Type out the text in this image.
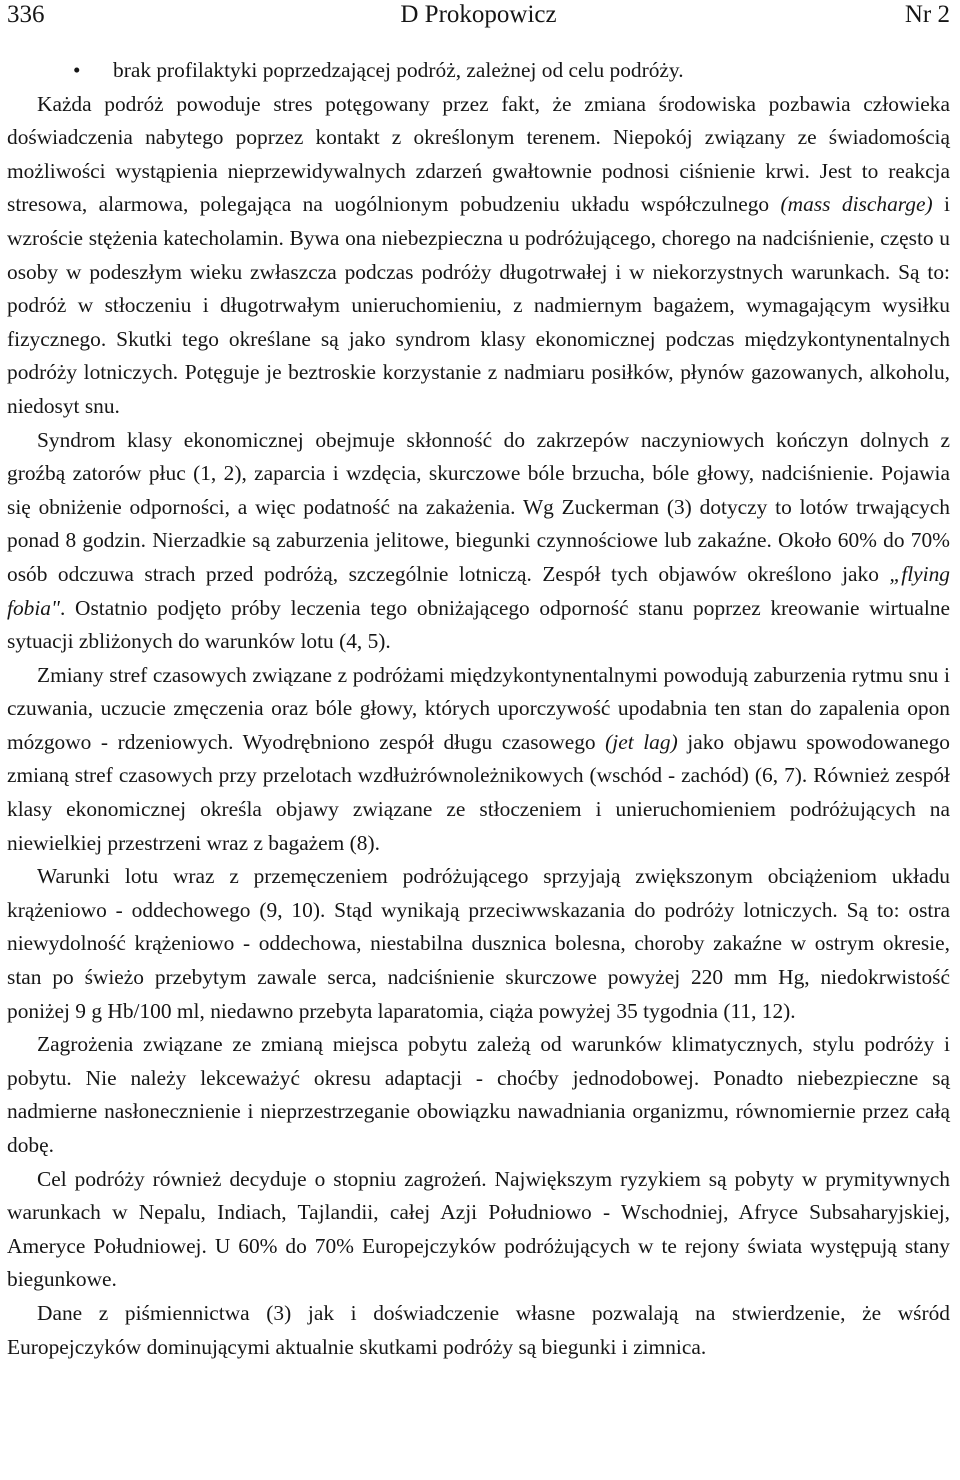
336	D Prokopowicz	Nr 2

• brak profilaktyki poprzedzającej podróż, zależnej od celu podróży.

Każda podróż powoduje stres potęgowany przez fakt, że zmiana środowiska pozbawia człowieka doświadczenia nabytego poprzez kontakt z określonym terenem. Niepokój związany ze świadomością możliwości wystąpienia nieprzewidywalnych zdarzeń gwałtownie podnosi ciśnienie krwi. Jest to reakcja stresowa, alarmowa, polegająca na uogólnionym pobudzeniu układu współczulnego (mass discharge) i wzroście stężenia katecholamin. Bywa ona niebezpieczna u podróżującego, chorego na nadciśnienie, często u osoby w podeszłym wieku zwłaszcza podczas podróży długotrwałej i w niekorzystnych warunkach. Są to: podróż w stłoczeniu i długotrwałym unieruchomieniu, z nadmiernym bagażem, wymagającym wysiłku fizycznego. Skutki tego określane są jako syndrom klasy ekonomicznej podczas międzykontynentalnych podróży lotniczych. Potęguje je beztroskie korzystanie z nadmiaru posiłków, płynów gazowanych, alkoholu, niedosyt snu.

Syndrom klasy ekonomicznej obejmuje skłonność do zakrzepów naczyniowych kończyn dolnych z groźbą zatorów płuc (1, 2), zaparcia i wzdęcia, skurczowe bóle brzucha, bóle głowy, nadciśnienie. Pojawia się obniżenie odporności, a więc podatność na zakażenia. Wg Zuckerman (3) dotyczy to lotów trwających ponad 8 godzin. Nierzadkie są zaburzenia jelitowe, biegunki czynnościowe lub zakaźne. Około 60% do 70% osób odczuwa strach przed podróżą, szczególnie lotniczą. Zespół tych objawów określono jako „flying fobia". Ostatnio podjęto próby leczenia tego obniżającego odporność stanu poprzez kreowanie wirtualne sytuacji zbliżonych do warunków lotu (4, 5).

Zmiany stref czasowych związane z podróżami międzykontynentalnymi powodują zaburzenia rytmu snu i czuwania, uczucie zmęczenia oraz bóle głowy, których uporczywość upodabnia ten stan do zapalenia opon mózgowo - rdzeniowych. Wyodrębniono zespół długu czasowego (jet lag) jako objawu spowodowanego zmianą stref czasowych przy przelotach wzdłużrównoleżnikowych (wschód - zachód) (6, 7). Również zespół klasy ekonomicznej określa objawy związane ze stłoczeniem i unieruchomieniem podróżujących na niewielkiej przestrzeni wraz z bagażem (8).

Warunki lotu wraz z przemęczeniem podróżującego sprzyjają zwiększonym obciążeniom układu krążeniowo - oddechowego (9, 10). Stąd wynikają przeciwwskazania do podróży lotniczych. Są to: ostra niewydolność krążeniowo - oddechowa, niestabilna dusznica bolesna, choroby zakaźne w ostrym okresie, stan po świeżo przebytym zawale serca, nadciśnienie skurczowe powyżej 220 mm Hg, niedokrwistość poniżej 9 g Hb/100 ml, niedawno przebyta laparatomia, ciąża powyżej 35 tygodnia (11, 12).

Zagrożenia związane ze zmianą miejsca pobytu zależą od warunków klimatycznych, stylu podróży i pobytu. Nie należy lekceważyć okresu adaptacji - choćby jednodobowej. Ponadto niebezpieczne są nadmierne nasłonecznienie i nieprzestrzeganie obowiązku nawadniania organizmu, równomiernie przez całą dobę.

Cel podróży również decyduje o stopniu zagrożeń. Największym ryzykiem są pobyty w prymitywnych warunkach w Nepalu, Indiach, Tajlandii, całej Azji Południowo - Wschodniej, Afryce Subsaharyjskiej, Ameryce Południowej. U 60% do 70% Europejczyków podróżujących w te rejony świata występują stany biegunkowe.

Dane z piśmiennictwa (3) jak i doświadczenie własne pozwalają na stwierdzenie, że wśród Europejczyków dominującymi aktualnie skutkami podróży są biegunki i zimnica.
